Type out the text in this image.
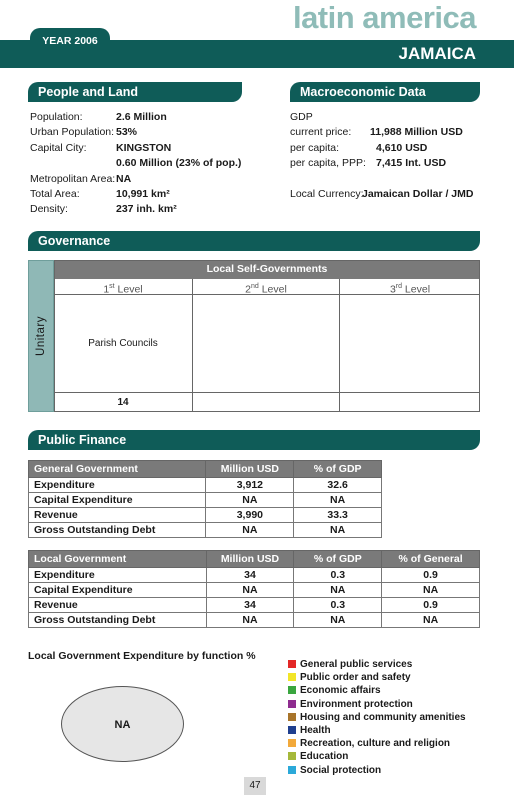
latin america
YEAR 2006
JAMAICA
People and Land
Population:	2.6 Million
Urban Population: 53%
Capital City:	KINGSTON
0.60 Million (23% of pop.)
Metropolitan Area: NA
Total Area:	10,991 km²
Density:	237 inh. km²
Macroeconomic Data
GDP
current price: 11,988 Million USD
per capita:	4,610 USD
per capita, PPP: 7,415 Int. USD
Local Currency:
Jamaican Dollar / JMD
Governance
Unitary
Local Self-Governments
1st Level	2nd Level	3rd Level
Parish Councils
14
Public Finance
General Government	Million USD	% of GDP
Expenditure	3,912	32.6
Capital Expenditure	NA	NA
Revenue	3,990	33.3
Gross Outstanding Debt	NA	NA
Local Government	Million USD	% of GDP	% of General
Expenditure	34	0.3	0.9
Capital Expenditure	NA	NA	NA
Revenue	34	0.3	0.9
Gross Outstanding Debt	NA	NA	NA
Local Government Expenditure by function %
NA
General public services
Public order and safety
Economic affairs
Environment protection
Housing and community amenities
Health
Recreation, culture and religion
Education
Social protection
47
